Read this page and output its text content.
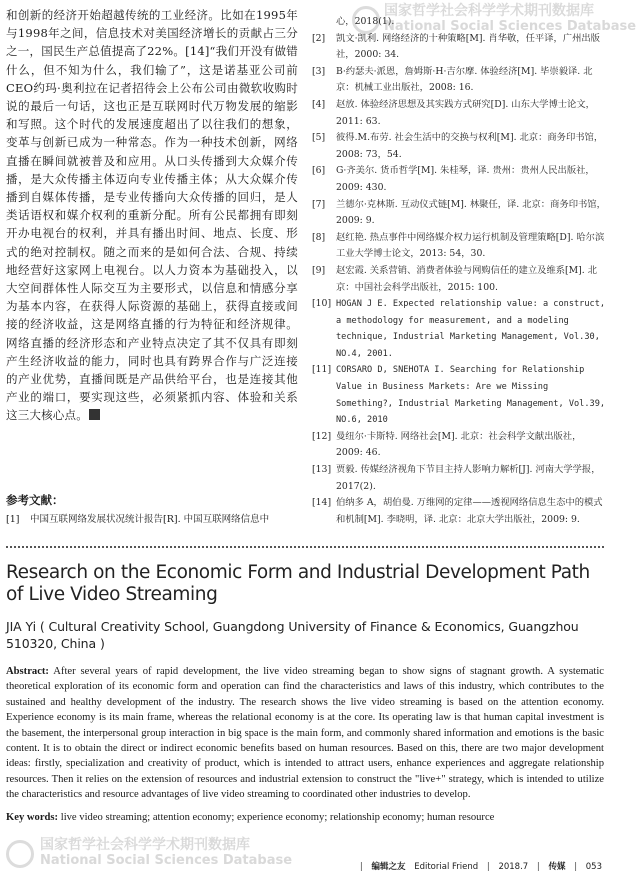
国家哲学社会科学学术期刊数据库
National Social Sciences Database

和创新的经济开始超越传统的工业经济。比如在1995年与1998年之间，信息技术对美国经济增长的贡献占三分之一，国民生产总值提高了22%。[14]“我们开没有做错什么，但不知为什么，我们输了”，这是诺基亚公司前CEO约玛·奥利拉在记者招待会上公布公司由微软收购时说的最后一句话，这也正是互联网时代万物发展的缩影和写照。这个时代的发展速度超出了以往我们的想象，变革与创新已成为一种常态。作为一种技术创新，网络直播在瞬间就被普及和应用。从口头传播到大众媒介传播，是大众传播主体迈向专业传播主体；从大众媒介传播到自媒体传播，是专业传播向大众传播的回归，是人类话语权和媒介权利的重新分配。所有公民都拥有即刻开办电视台的权利，并具有播出时间、地点、长度、形式的绝对控制权。随之而来的是如何合法、合规、持续地经营好这家网上电视台。以人力资本为基础投入，以大空间群体性人际交互为主要形式，以信息和情感分享为基本内容，在获得人际资源的基础上，获得直接或间接的经济收益，这是网络直播的行为特征和经济规律。网络直播的经济形态和产业特点决定了其不仅具有即刻产生经济收益的能力，同时也具有跨界合作与广泛连接的产业优势，直播间既是产品供给平台，也是连接其他产业的端口，要实现这些，必须紧抓内容、体验和关系这三大核心点。

参考文献：
[1]	中国互联网络发展状况统计报告[R]. 中国互联网络信息中
心，2018(1).
[2]	凯文·凯利. 网络经济的十种策略[M]. 肖华敬，任平译，广州出版社，2000: 34.
[3]	B·约瑟夫·派恩，詹姆斯·H·吉尔摩. 体验经济[M]. 毕崇毅译. 北京：机械工业出版社，2008: 16.
[4]	赵放. 体验经济思想及其实践方式研究[D]. 山东大学博士论文，2011: 63.
[5]	彼得.M.布劳. 社会生活中的交换与权利[M]. 北京：商务印书馆，2008: 73，54.
[6]	G·齐美尔. 货币哲学[M]. 朱桂琴，译. 贵州：贵州人民出版社，2009: 430.
[7]	兰德尔·克林斯. 互动仪式链[M]. 林聚任，译. 北京：商务印书馆，2009: 9.
[8]	赵红艳. 热点事件中网络媒介权力运行机制及管理策略[D]. 哈尔滨工业大学博士论文，2013: 54，30.
[9]	赵宏霞. 关系营销、消费者体验与网购信任的建立及维系[M]. 北京：中国社会科学出版社，2015: 100.
[10] HOGAN J E. Expected relationship value: a construct, a methodology for measurement, and a modeling technique, Industrial Marketing Management, Vol.30, NO.4, 2001.
[11] CORSARO D, SNEHOTA I. Searching for Relationship Value in Business Markets: Are we Missing Something?, Industrial Marketing Management, Vol.39, NO.6, 2010
[12] 曼纽尔·卡斯特. 网络社会[M]. 北京：社会科学文献出版社，2009: 46.
[13] 贾毅. 传媒经济视角下节目主持人影响力解析[J]. 河南大学学报，2017(2).
[14] 伯纳多 A，胡伯曼. 万维网的定律——透视网络信息生态中的模式和机制[M]. 李晓明，译. 北京：北京大学出版社，2009: 9.
Research on the Economic Form and Industrial Development Path of Live Video Streaming
JIA Yi ( Cultural Creativity School, Guangdong University of Finance & Economics, Guangzhou 510320, China )
Abstract: After several years of rapid development, the live video streaming began to show signs of stagnant growth. A systematic theoretical exploration of its economic form and operation can find the characteristics and laws of this industry, which contributes to the sustained and healthy development of the industry. The research shows the live video streaming is based on the attention economy. Experience economy is its main frame, whereas the relational economy is at the core. Its operating law is that human capital investment is the basement, the interpersonal group interaction in big space is the main form, and commonly shared information and emotions is the basic content. It is to obtain the direct or indirect economic benefits based on human resources. Based on this, there are two major development ideas: firstly, specialization and creativity of product, which is intended to attract users, enhance experiences and aggregate relationship resources. Then it relies on the extension of resources and industrial extension to construct the "live+" strategy, which is intended to utilize the characteristics and resource advantages of live video streaming to coordinated other industries to develop.
Key words: live video streaming; attention economy; experience economy; relationship economy; human resource
国家哲学社会科学学术期刊数据库
National Social Sciences Database	| 编辑之友 Editorial Friend | 2018.7 | 传媒 | 053
